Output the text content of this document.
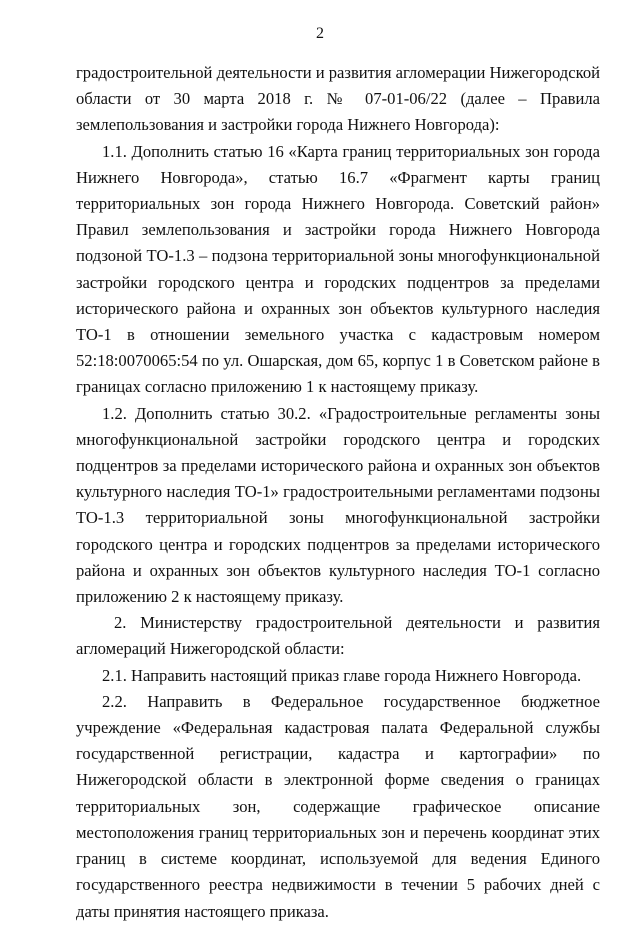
2

градостроительной деятельности и развития агломерации Нижегородской области от 30 марта 2018 г. № 07-01-06/22 (далее – Правила землепользования и застройки города Нижнего Новгорода):

1.1. Дополнить статью 16 «Карта границ территориальных зон города Нижнего Новгорода», статью 16.7 «Фрагмент карты границ территориальных зон города Нижнего Новгорода. Советский район» Правил землепользования и застройки города Нижнего Новгорода подзоной ТО-1.3 – подзона территориальной зоны многофункциональной застройки городского центра и городских подцентров за пределами исторического района и охранных зон объектов культурного наследия ТО-1 в отношении земельного участка с кадастровым номером 52:18:0070065:54 по ул. Ошарская, дом 65, корпус 1 в Советском районе в границах согласно приложению 1 к настоящему приказу.

1.2. Дополнить статью 30.2. «Градостроительные регламенты зоны многофункциональной застройки городского центра и городских подцентров за пределами исторического района и охранных зон объектов культурного наследия ТО-1» градостроительными регламентами подзоны ТО-1.3 территориальной зоны многофункциональной застройки городского центра и городских подцентров за пределами исторического района и охранных зон объектов культурного наследия ТО-1 согласно приложению 2 к настоящему приказу.

2. Министерству градостроительной деятельности и развития агломераций Нижегородской области:

2.1. Направить настоящий приказ главе города Нижнего Новгорода.

2.2. Направить в Федеральное государственное бюджетное учреждение «Федеральная кадастровая палата Федеральной службы государственной регистрации, кадастра и картографии» по Нижегородской области в электронной форме сведения о границах территориальных зон, содержащие графическое описание местоположения границ территориальных зон и перечень координат этих границ в системе координат, используемой для ведения Единого государственного реестра недвижимости в течении 5 рабочих дней с даты принятия настоящего приказа.
